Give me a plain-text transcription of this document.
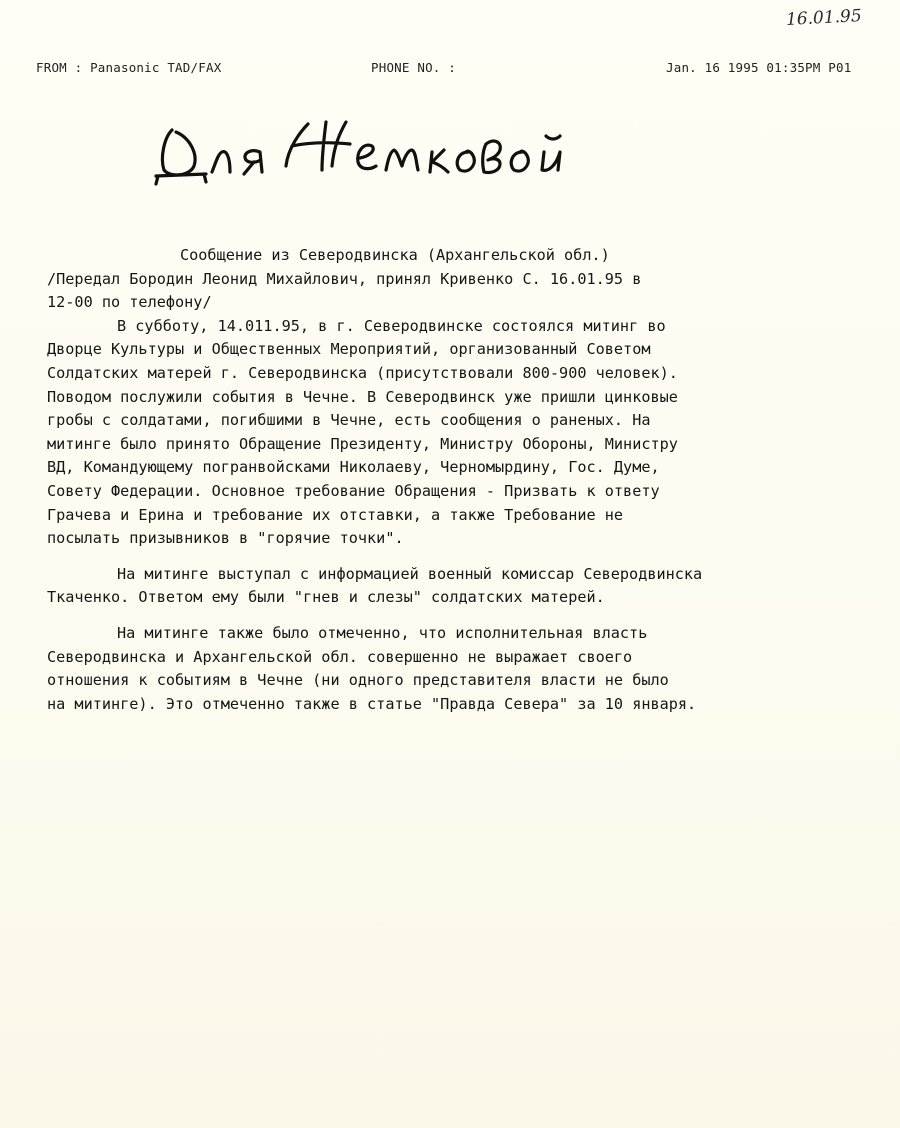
FROM : Panasonic TAD/FAX	PHONE NO. :	Jan. 16 1995 01:35PM P01
16.01.95
Сообщение из Северодвинска (Архангельской обл.)
/Передал Бородин Леонид Михайлович, принял Кривенко С. 16.01.95 в
12-00 по телефону/
В субботу, 14.011.95, в г. Северодвинске состоялся митинг во
Дворце Культуры и Общественных Мероприятий, организованный Советом
Солдатских матерей г. Северодвинска (присутствовали 800-900 человек).
Поводом послужили события в Чечне. В Северодвинск уже пришли цинковые
гробы с солдатами, погибшими в Чечне, есть сообщения о раненых. На
митинге было принято Обращение Президенту, Министру Обороны, Министру
ВД, Командующему погранвойсками Николаеву, Черномырдину, Гос. Думе,
Совету Федерации. Основное требование Обращения - Призвать к ответу
Грачева и Ерина и требование их отставки, а также Требование не
посылать призывников в "горячие точки".
На митинге выступал с информацией военный комиссар Северодвинска
Ткаченко. Ответом ему были "гнев и слезы" солдатских матерей.
На митинге также было отмеченно, что исполнительная власть
Северодвинска и Архангельской обл. совершенно не выражает своего
отношения к событиям в Чечне (ни одного представителя власти не было
на митинге). Это отмеченно также в статье "Правда Севера" за 10 января.
